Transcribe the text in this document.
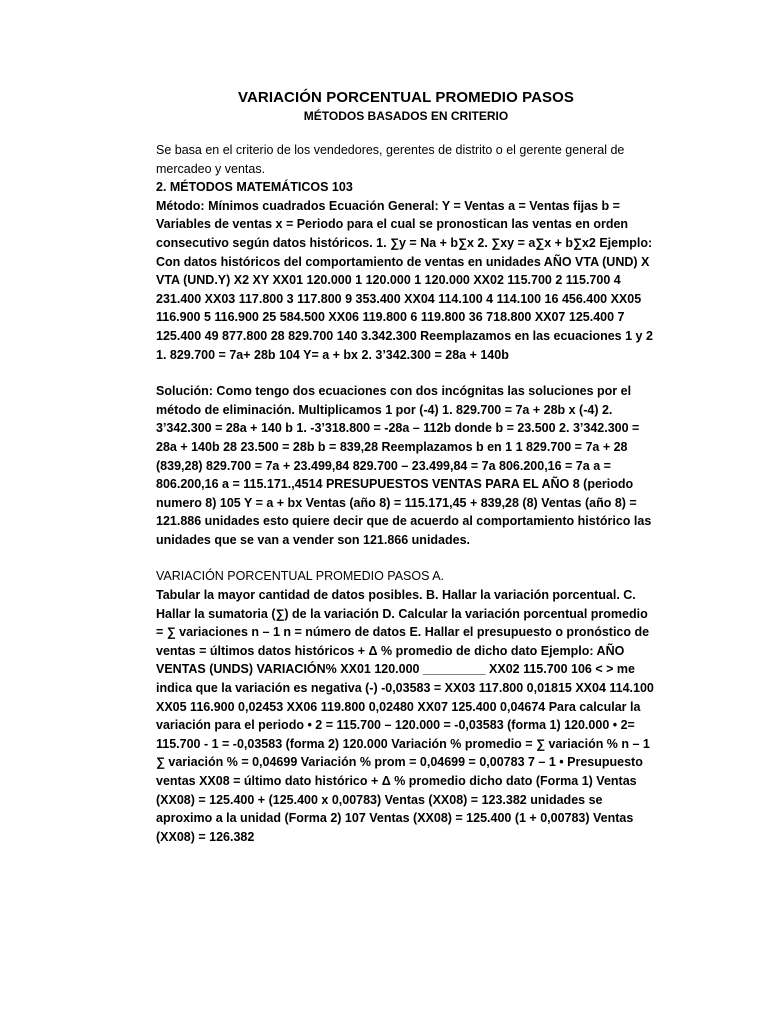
VARIACIÓN PORCENTUAL PROMEDIO PASOS
MÉTODOS BASADOS EN CRITERIO

Se basa en el criterio de los vendedores, gerentes de distrito o el gerente general de mercadeo y ventas.

2. MÉTODOS MATEMÁTICOS 103

Método: Mínimos cuadrados Ecuación General: Y = Ventas a = Ventas fijas b = Variables de ventas x = Periodo para el cual se pronostican las ventas en orden consecutivo según datos históricos. 1. ∑y = Na + b∑x 2. ∑xy = a∑x + b∑x2 Ejemplo: Con datos históricos del comportamiento de ventas en unidades AÑO VTA (UND) X VTA (UND.Y) X2 XY XX01 120.000 1 120.000 1 120.000 XX02 115.700 2 115.700 4 231.400 XX03 117.800 3 117.800 9 353.400 XX04 114.100 4 114.100 16 456.400 XX05 116.900 5 116.900 25 584.500 XX06 119.800 6 119.800 36 718.800 XX07 125.400 7 125.400 49 877.800 28 829.700 140 3.342.300 Reemplazamos en las ecuaciones 1 y 2 1. 829.700 = 7a+ 28b 104 Y= a + bx 2. 3’342.300 = 28a + 140b

Solución: Como tengo dos ecuaciones con dos incógnitas las soluciones por el método de eliminación. Multiplicamos 1 por (-4) 1. 829.700 = 7a + 28b x (-4) 2. 3’342.300 = 28a + 140 b 1. -3’318.800 = -28a – 112b donde b = 23.500 2. 3’342.300 = 28a + 140b 28 23.500 = 28b b = 839,28 Reemplazamos b en 1 1 829.700 = 7a + 28 (839,28) 829.700 = 7a + 23.499,84 829.700 – 23.499,84 = 7a 806.200,16 = 7a a = 806.200,16 a = 115.171.,4514 PRESUPUESTOS VENTAS PARA EL AÑO 8 (periodo numero 8) 105 Y = a + bx Ventas (año 8) = 115.171,45 + 839,28 (8) Ventas (año 8) = 121.886 unidades esto quiere decir que de acuerdo al comportamiento histórico las unidades que se van a vender son 121.866 unidades.

VARIACIÓN PORCENTUAL PROMEDIO PASOS A.

Tabular la mayor cantidad de datos posibles. B. Hallar la variación porcentual. C. Hallar la sumatoria (∑) de la variación D. Calcular la variación porcentual promedio = ∑ variaciones n – 1 n = número de datos E. Hallar el presupuesto o pronóstico de ventas = últimos datos históricos + Δ % promedio de dicho dato Ejemplo: AÑO VENTAS (UNDS) VARIACIÓN% XX01 120.000 _________ XX02 115.700 106 < > me indica que la variación es negativa (-) -0,03583 = XX03 117.800 0,01815 XX04 114.100 XX05 116.900 0,02453 XX06 119.800 0,02480 XX07 125.400 0,04674 Para calcular la variación para el periodo • 2 = 115.700 – 120.000 = -0,03583 (forma 1) 120.000 • 2= 115.700 - 1 = -0,03583 (forma 2) 120.000 Variación % promedio = ∑ variación % n – 1 ∑ variación % = 0,04699 Variación % prom = 0,04699 = 0,00783 7 – 1 • Presupuesto ventas XX08 = último dato histórico + Δ % promedio dicho dato (Forma 1) Ventas (XX08) = 125.400 + (125.400 x 0,00783) Ventas (XX08) = 123.382 unidades se aproximo a la unidad (Forma 2) 107 Ventas (XX08) = 125.400 (1 + 0,00783) Ventas (XX08) = 126.382
